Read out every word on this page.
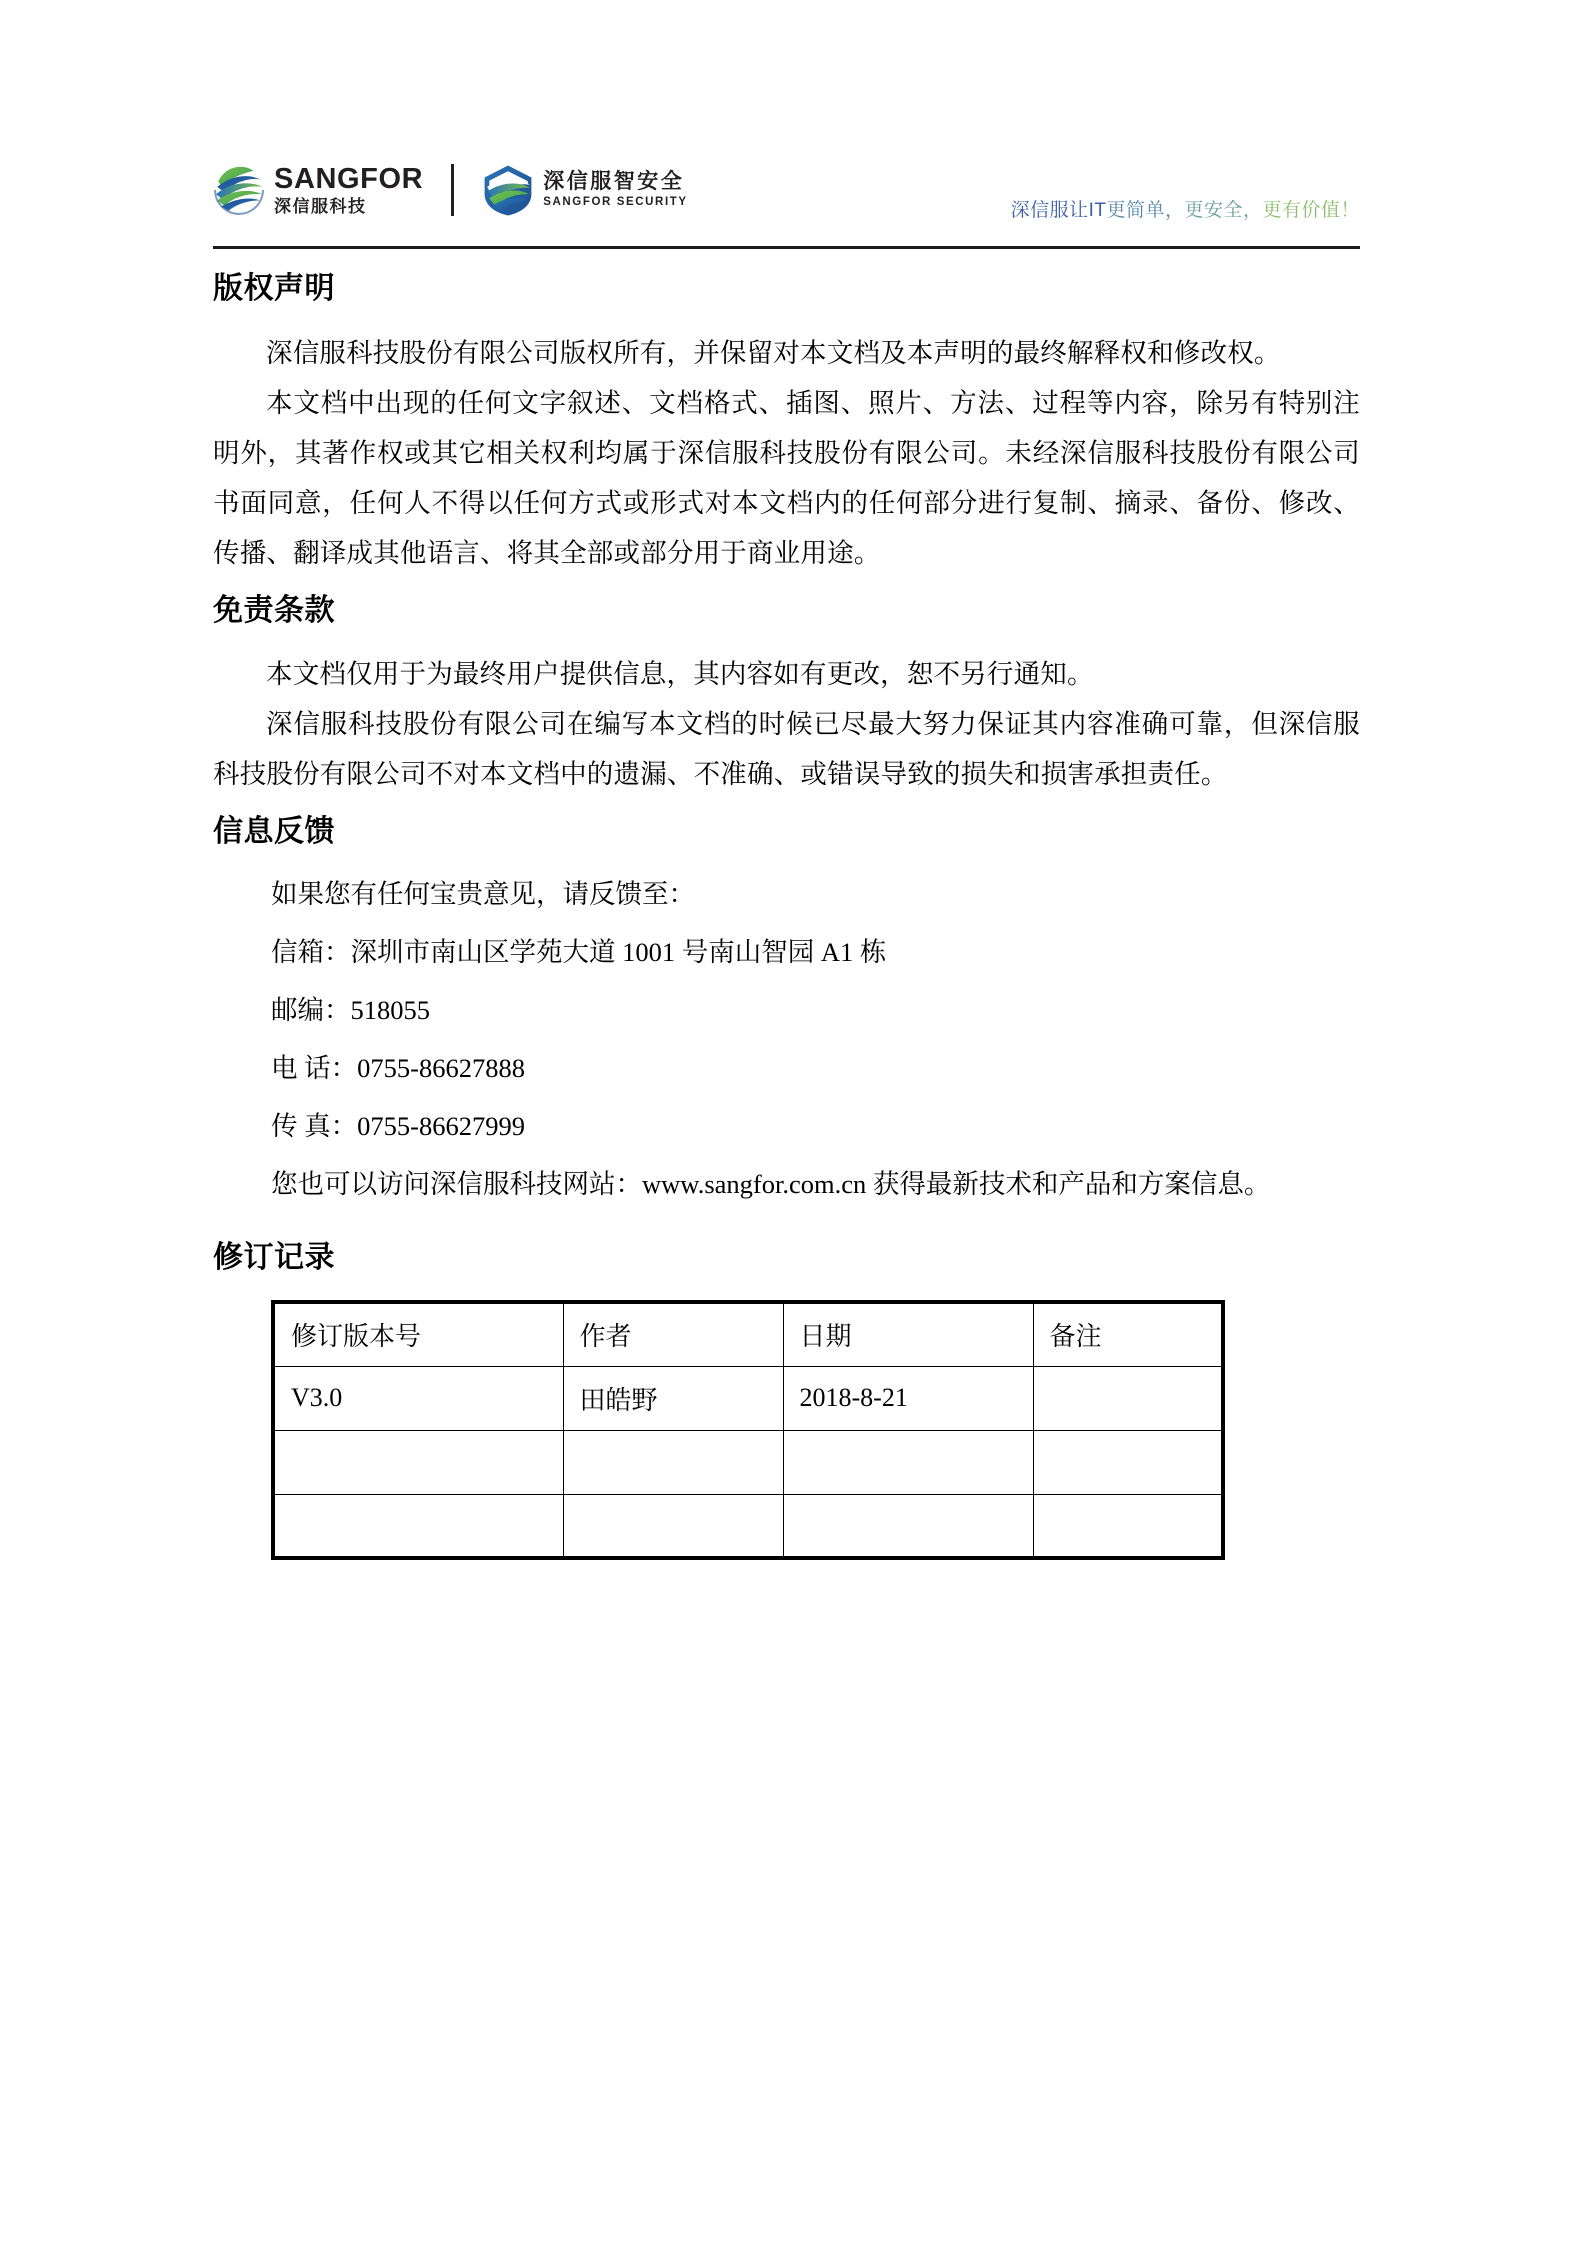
SANGFOR
深信服科技
深信服智安全
SANGFOR SECURITY	深信服让IT更简单，更安全，更有价值！
版权声明

深信服科技股份有限公司版权所有，并保留对本文档及本声明的最终解释权和修改权。

本文档中出现的任何文字叙述、文档格式、插图、照片、方法、过程等内容，除另有特别注明外，其著作权或其它相关权利均属于深信服科技股份有限公司。未经深信服科技股份有限公司书面同意，任何人不得以任何方式或形式对本文档内的任何部分进行复制、摘录、备份、修改、传播、翻译成其他语言、将其全部或部分用于商业用途。

免责条款

本文档仅用于为最终用户提供信息，其内容如有更改，恕不另行通知。

深信服科技股份有限公司在编写本文档的时候已尽最大努力保证其内容准确可靠，但深信服科技股份有限公司不对本文档中的遗漏、不准确、或错误导致的损失和损害承担责任。

信息反馈

如果您有任何宝贵意见，请反馈至：

信箱：深圳市南山区学苑大道 1001 号南山智园 A1 栋

邮编：518055

电 话：0755-86627888

传 真：0755-86627999

您也可以访问深信服科技网站：www.sangfor.com.cn 获得最新技术和产品和方案信息。

修订记录
修订版本号	作者	日期	备注
V3.0	田皓野	2018-8-21	
